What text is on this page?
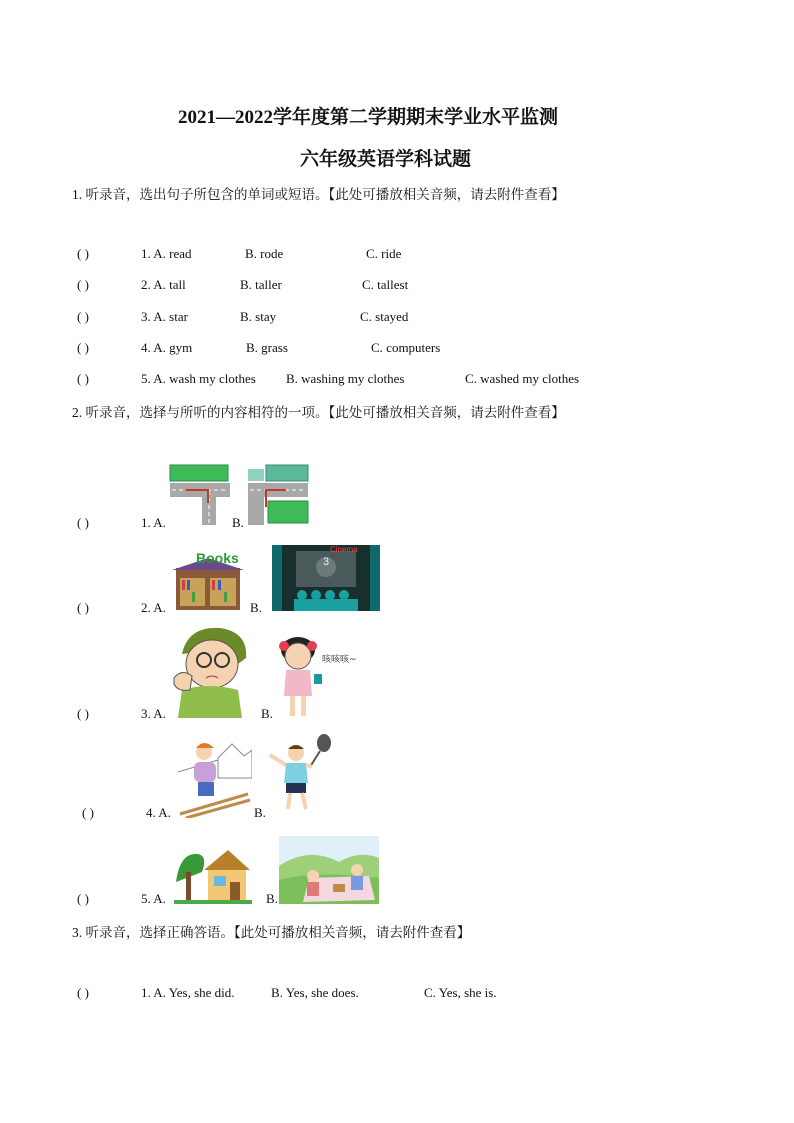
2021—2022学年度第二学期期末学业水平监测
六年级英语学科试题
1. 听录音，选出句子所包含的单词或短语。【此处可播放相关音频，请去附件查看】
( )	1. A. read	B. rode	C. ride
( )	2. A. tall	B. taller	C. tallest
( )	3. A. star	B. stay	C. stayed
( )	4. A. gym	B. grass	C. computers
( )	5. A. wash my clothes B. washing my clothes	C. washed my clothes
2. 听录音，选择与所听的内容相符的一项。【此处可播放相关音频，请去附件查看】
( )	1. A.	B.
( )	2. A.
Books
B.
Cinema
3
( )	3. A.	B.
咳咳咳~
( )	4. A.	B.
( )	5. A.	B.
3. 听录音，选择正确答语。【此处可播放相关音频，请去附件查看】
( )	1. A. Yes, she did.	B. Yes, she does.	C. Yes, she is.
